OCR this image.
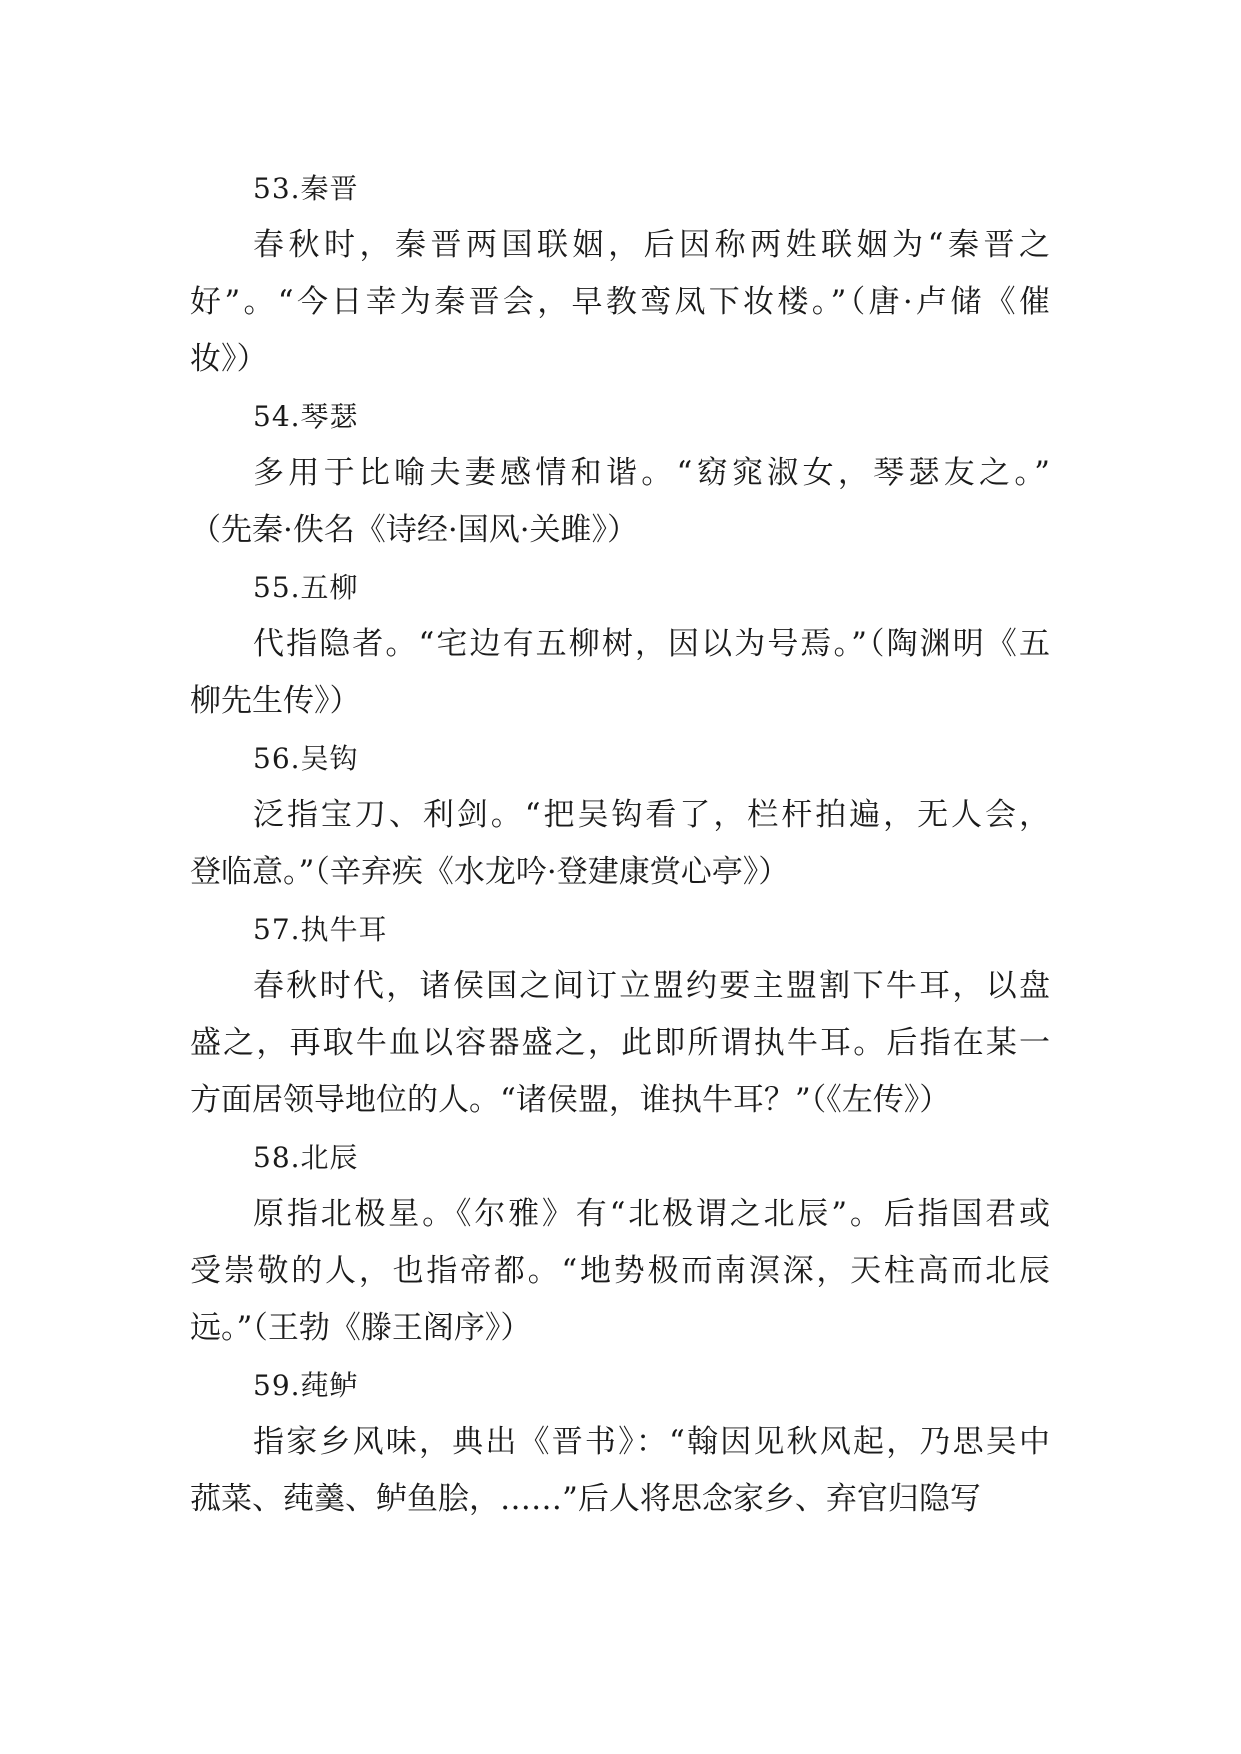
53.秦晋
春秋时，秦晋两国联姻，后因称两姓联姻为“秦晋之
好”。“今日幸为秦晋会，早教鸾凤下妆楼。”（唐·卢储《催
妆》）
54.琴瑟
多用于比喻夫妻感情和谐。“窈窕淑女，琴瑟友之。”
（先秦·佚名《诗经·国风·关雎》）
55.五柳
代指隐者。“宅边有五柳树，因以为号焉。”（陶渊明《五
柳先生传》）
56.吴钩
泛指宝刀、利剑。“把吴钩看了，栏杆拍遍，无人会，
登临意。”（辛弃疾《水龙吟·登建康赏心亭》）
57.执牛耳
春秋时代，诸侯国之间订立盟约要主盟割下牛耳，以盘
盛之，再取牛血以容器盛之，此即所谓执牛耳。后指在某一
方面居领导地位的人。“诸侯盟，谁执牛耳？”（《左传》）
58.北辰
原指北极星。《尔雅》有“北极谓之北辰”。后指国君或
受崇敬的人，也指帝都。“地势极而南溟深，天柱高而北辰
远。”（王勃《滕王阁序》）
59.莼鲈
指家乡风味，典出《晋书》：“翰因见秋风起，乃思吴中
菰菜、莼羹、鲈鱼脍，……”后人将思念家乡、弃官归隐写
